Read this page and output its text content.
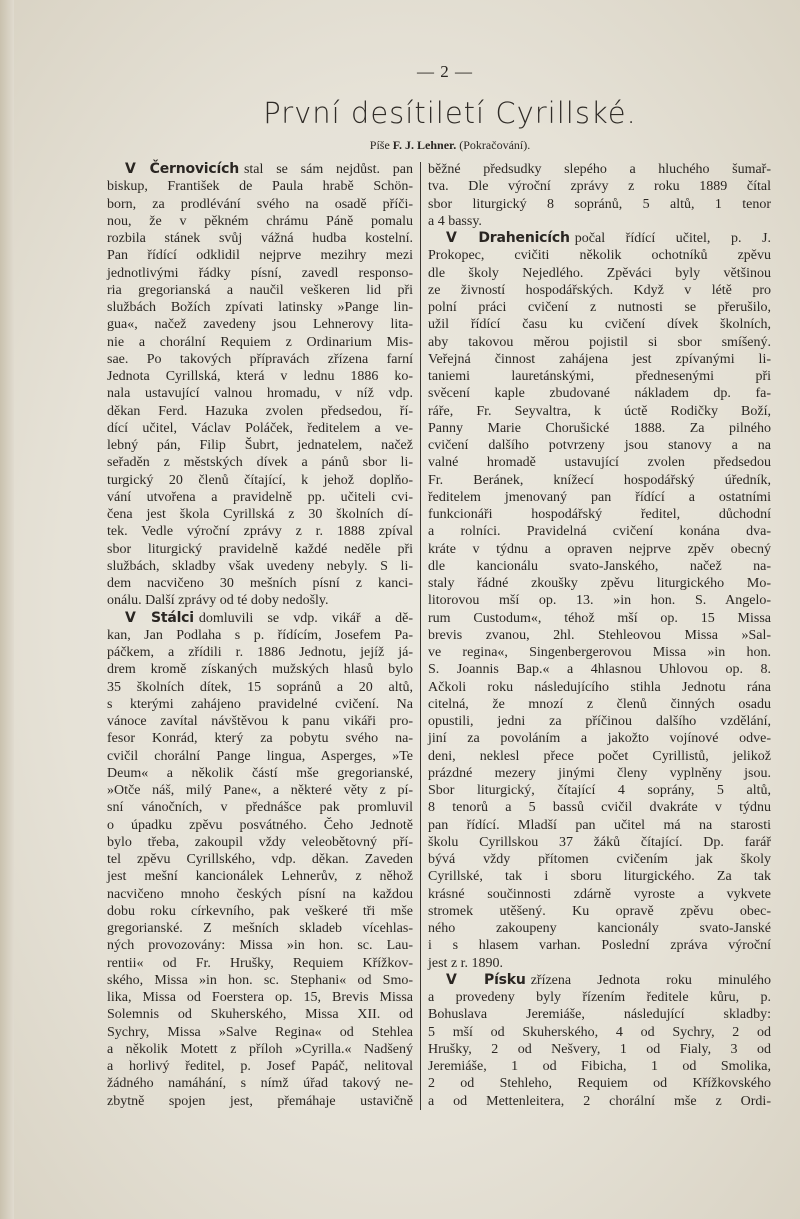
— 2 —
První desítiletí Cyrillské.
Píše F. J. Lehner. (Pokračování).
V Černovicích stal se sám nejdůst. pan
biskup, František de Paula hrabě Schön-
born, za prodlévání svého na osadě příči-
nou, že v pěkném chrámu Páně pomalu
rozbila stánek svůj vážná hudba kostelní.
Pan řídící odklidil nejprve mezihry mezi
jednotlivými řádky písní, zavedl responso-
ria gregorianská a naučil veškeren lid při
službách Božích zpívati latinsky »Pange lin-
gua«, načež zavedeny jsou Lehnerovy lita-
nie a chorální Requiem z Ordinarium Mis-
sae. Po takových přípravách zřízena farní
Jednota Cyrillská, která v lednu 1886 ko-
nala ustavující valnou hromadu, v níž vdp.
děkan Ferd. Hazuka zvolen předsedou, ří-
dící učitel, Václav Poláček, ředitelem a ve-
lebný pán, Filip Šubrt, jednatelem, načež
seřaděn z městských dívek a pánů sbor li-
turgický 20 členů čítající, k jehož doplňo-
vání utvořena a pravidelně pp. učiteli cvi-
čena jest škola Cyrillská z 30 školních dí-
tek. Vedle výroční zprávy z r. 1888 zpíval
sbor liturgický pravidelně každé neděle při
službách, skladby však uvedeny nebyly. S li-
dem nacvičeno 30 mešních písní z kanci-
onálu. Další zprávy od té doby nedošly.
V Stálci domluvili se vdp. vikář a dě-
kan, Jan Podlaha s p. řídícím, Josefem Pa-
páčkem, a zřídili r. 1886 Jednotu, jejíž já-
drem kromě získaných mužských hlasů bylo
35 školních dítek, 15 sopránů a 20 altů,
s kterými zahájeno pravidelné cvičení. Na
vánoce zavítal návštěvou k panu vikáři pro-
fesor Konrád, který za pobytu svého na-
cvičil chorální Pange lingua, Asperges, »Te
Deum« a několik částí mše gregorianské,
»Otče náš, milý Pane«, a některé věty z pí-
sní vánočních, v přednášce pak promluvil
o úpadku zpěvu posvátného. Čeho Jednotě
bylo třeba, zakoupil vždy veleobětovný pří-
tel zpěvu Cyrillského, vdp. děkan. Zaveden
jest mešní kancionálek Lehnerův, z něhož
nacvičeno mnoho českých písní na každou
dobu roku církevního, pak veškeré tři mše
gregorianské. Z mešních skladeb vícehlas-
ných provozovány: Missa »in hon. sc. Lau-
rentii« od Fr. Hrušky, Requiem Křížkov-
ského, Missa »in hon. sc. Stephani« od Smo-
lika, Missa od Foerstera op. 15, Brevis Missa
Solemnis od Skuherského, Missa XII. od
Sychry, Missa »Salve Regina« od Stehlea
a několik Motett z příloh »Cyrilla.« Nadšený
a horlivý ředitel, p. Josef Papáč, nelitoval
žádného namáhání, s nímž úřad takový ne-
zbytně spojen jest, přemáhaje ustavičně
běžné předsudky slepého a hluchého šumař-
tva. Dle výroční zprávy z roku 1889 čítal
sbor liturgický 8 sopránů, 5 altů, 1 tenor
a 4 bassy.
V Drahenicích počal řídící učitel, p. J.
Prokopec, cvičiti několik ochotníků zpěvu
dle školy Nejedlého. Zpěváci byly většinou
ze živností hospodářských. Když v létě pro
polní práci cvičení z nutnosti se přerušilo,
užil řídící času ku cvičení dívek školních,
aby takovou měrou pojistil si sbor smíšený.
Veřejná činnost zahájena jest zpívanými li-
taniemi lauretánskými, přednesenými při
svěcení kaple zbudované nákladem dp. fa-
ráře, Fr. Seyvaltra, k úctě Rodičky Boží,
Panny Marie Chorušické 1888. Za pilného
cvičení dalšího potvrzeny jsou stanovy a na
valné hromadě ustavující zvolen předsedou
Fr. Beránek, knížecí hospodářský úředník,
ředitelem jmenovaný pan řídící a ostatními
funkcionáři hospodářský ředitel, důchodní
a rolníci. Pravidelná cvičení konána dva-
kráte v týdnu a opraven nejprve zpěv obecný
dle kancionálu svato-Janského, načež na-
staly řádné zkoušky zpěvu liturgického Mo-
litorovou mší op. 13. »in hon. S. Angelo-
rum Custodum«, téhož mší op. 15 Missa
brevis zvanou, 2hl. Stehleovou Missa »Sal-
ve regina«, Singenbergerovou Missa »in hon.
S. Joannis Bap.« a 4hlasnou Uhlovou op. 8.
Ačkoli roku následujícího stihla Jednotu rána
citelná, že mnozí z členů činných osadu
opustili, jedni za příčinou dalšího vzdělání,
jiní za povoláním a jakožto vojínové odve-
deni, neklesl přece počet Cyrillistů, jelikož
prázdné mezery jinými členy vyplněny jsou.
Sbor liturgický, čítající 4 soprány, 5 altů,
8 tenorů a 5 bassů cvičil dvakráte v týdnu
pan řídící. Mladší pan učitel má na starosti
školu Cyrillskou 37 žáků čítající. Dp. farář
bývá vždy přítomen cvičením jak školy
Cyrillské, tak i sboru liturgického. Za tak
krásné součinnosti zdárně vyroste a vykvete
stromek utěšený. Ku opravě zpěvu obec-
ného zakoupeny kancionály svato-Janské
i s hlasem varhan. Poslední zpráva výroční
jest z r. 1890.
V Písku zřízena Jednota roku minulého
a provedeny byly řízením ředitele kůru, p.
Bohuslava Jeremiáše, následující skladby:
5 mší od Skuherského, 4 od Sychry, 2 od
Hrušky, 2 od Nešvery, 1 od Fialy, 3 od
Jeremiáše, 1 od Fibicha, 1 od Smolika,
2 od Stehleho, Requiem od Křížkovského
a od Mettenleitera, 2 chorální mše z Ordi-
